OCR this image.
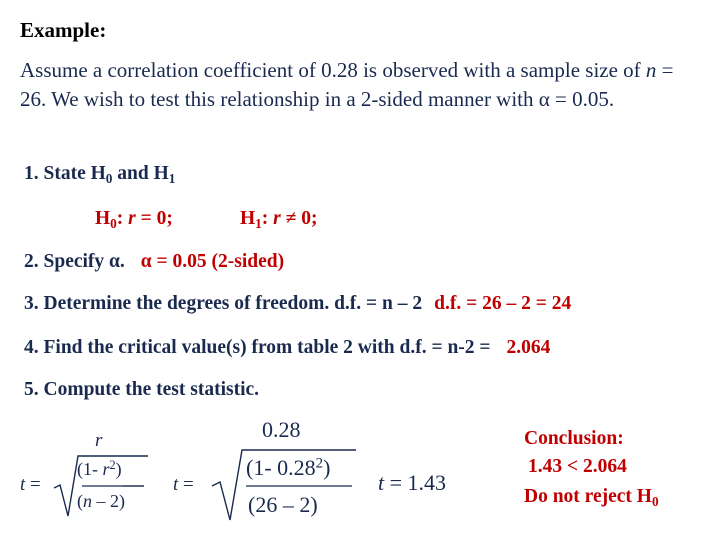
Example:
Assume a correlation coefficient of 0.28 is observed with a sample size of n = 26. We wish to test this relationship in a 2-sided manner with α = 0.05.
1. State $H_0$ and $H_1$
$H_0$: r = 0;	$H_1$: r ≠ 0;
2. Specify α. α = 0.05 (2-sided)
3. Determine the degrees of freedom. d.f. = n – 2 d.f. = 26 – 2 = 24
4. Find the critical value(s) from table 2 with d.f. = n-2 = 2.064
5. Compute the test statistic.
t =
r
(1- $r^2$)
(n – 2)
t =
0.28
(1- 0.28$^2$)
(26 – 2)
t = 1.43
Conclusion:
1.43 < 2.064
Do not reject $H_0$
